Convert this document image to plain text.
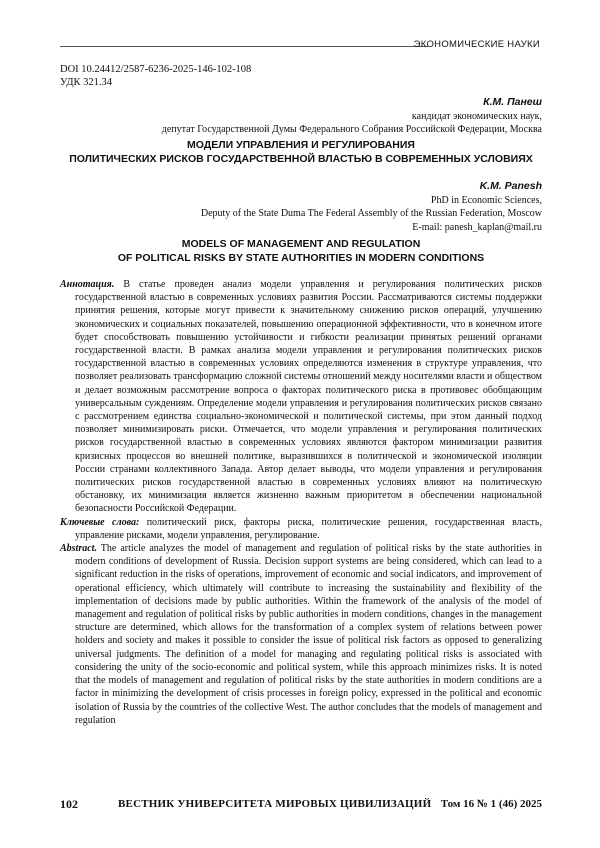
ЭКОНОМИЧЕСКИЕ НАУКИ
DOI 10.24412/2587-6236-2025-146-102-108
УДК 321.34
К.М. Панеш
кандидат экономических наук,
депутат Государственной Думы Федерального Собрания Российской Федерации, Москва
МОДЕЛИ УПРАВЛЕНИЯ И РЕГУЛИРОВАНИЯ
ПОЛИТИЧЕСКИХ РИСКОВ ГОСУДАРСТВЕННОЙ ВЛАСТЬЮ В СОВРЕМЕННЫХ УСЛОВИЯХ
K.M. Panesh
PhD in Economic Sciences,
Deputy of the State Duma The Federal Assembly of the Russian Federation, Moscow
E-mail: panesh_kaplan@mail.ru
MODELS OF MANAGEMENT AND REGULATION
OF POLITICAL RISKS BY STATE AUTHORITIES IN MODERN CONDITIONS

Аннотация. В статье проведен анализ модели управления и регулирования политических рисков государственной властью в современных условиях развития России. Рассматриваются системы поддержки принятия решения, которые могут привести к значительному снижению рисков операций, улучшению экономических и социальных показателей, повышению операционной эффективности, что в конечном итоге будет способствовать повышению устойчивости и гибкости реализации принятых решений органами государственной власти. В рамках анализа модели управления и регулирования политических рисков государственной властью в современных условиях определяются изменения в структуре управления, что позволяет реализовать трансформацию сложной системы отношений между носителями власти и обществом и делает возможным рассмотрение вопроса о факторах политического риска в противовес обобщающим универсальным суждениям. Определение модели управления и регулирования политических рисков связано с рассмотрением единства социально-экономической и политической системы, при этом данный подход позволяет минимизировать риски. Отмечается, что модели управления и регулирования политических рисков государственной властью в современных условиях являются фактором минимизации развития кризисных процессов во внешней политике, выразившихся в политической и экономической изоляции России странами коллективного Запада. Автор делает выводы, что модели управления и регулирования политических рисков государственной властью в современных условиях влияют на политическую обстановку, их минимизация является жизненно важным приоритетом в обеспечении национальной безопасности Российской Федерации.

Ключевые слова: политический риск, факторы риска, политические решения, государственная власть, управление рисками, модели управления, регулирование.

Abstract. The article analyzes the model of management and regulation of political risks by the state authorities in modern conditions of development of Russia. Decision support systems are being considered, which can lead to a significant reduction in the risks of operations, improvement of economic and social indicators, and improvement of operational efficiency, which ultimately will contribute to increasing the sustainability and flexibility of the implementation of decisions made by public authorities. Within the framework of the analysis of the model of management and regulation of political risks by public authorities in modern conditions, changes in the management structure are determined, which allows for the transformation of a complex system of relations between power holders and society and makes it possible to consider the issue of political risk factors as opposed to generalizing universal judgments. The definition of a model for managing and regulating political risks is associated with considering the unity of the socio-economic and political system, while this approach minimizes risks. It is noted that the models of management and regulation of political risks by the state authorities in modern conditions are a factor in minimizing the development of crisis processes in foreign policy, expressed in the political and economic isolation of Russia by the countries of the collective West. The author concludes that the models of management and regulation

102	ВЕСТНИК УНИВЕРСИТЕТА МИРОВЫХ ЦИВИЛИЗАЦИЙ Том 16 № 1 (46) 2025
